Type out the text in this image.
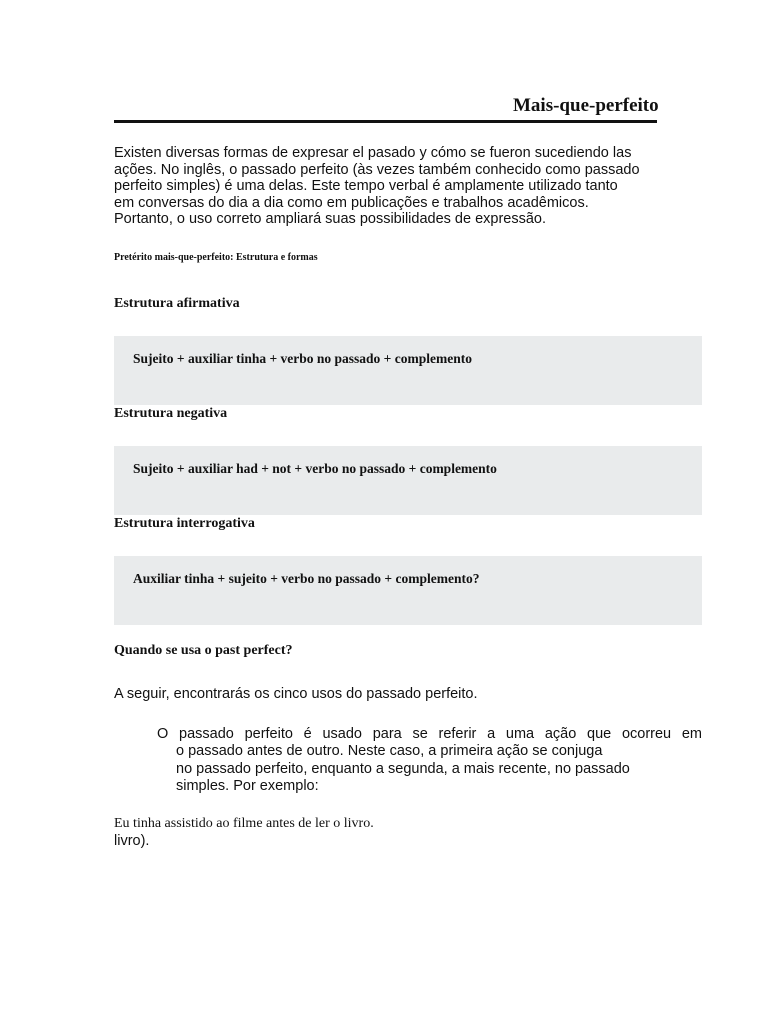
Mais-que-perfeito
Existen diversas formas de expresar el pasado y cómo se fueron sucediendo las
ações. No inglês, o passado perfeito (às vezes também conhecido como passado
perfeito simples) é uma delas. Este tempo verbal é amplamente utilizado tanto
em conversas do dia a dia como em publicações e trabalhos acadêmicos.
Portanto, o uso correto ampliará suas possibilidades de expressão.
Pretérito mais-que-perfeito: Estrutura e formas
Estrutura afirmativa
Sujeito + auxiliar tinha + verbo no passado + complemento
Estrutura negativa
Sujeito + auxiliar had + not + verbo no passado + complemento
Estrutura interrogativa
Auxiliar tinha + sujeito + verbo no passado + complemento?
Quando se usa o past perfect?
A seguir, encontrarás os cinco usos do passado perfeito.
O passado perfeito é usado para se referir a uma ação que ocorreu em
o passado antes de outro. Neste caso, a primeira ação se conjuga
no passado perfeito, enquanto a segunda, a mais recente, no passado
simples. Por exemplo:
Eu tinha assistido ao filme antes de ler o livro.
livro).
